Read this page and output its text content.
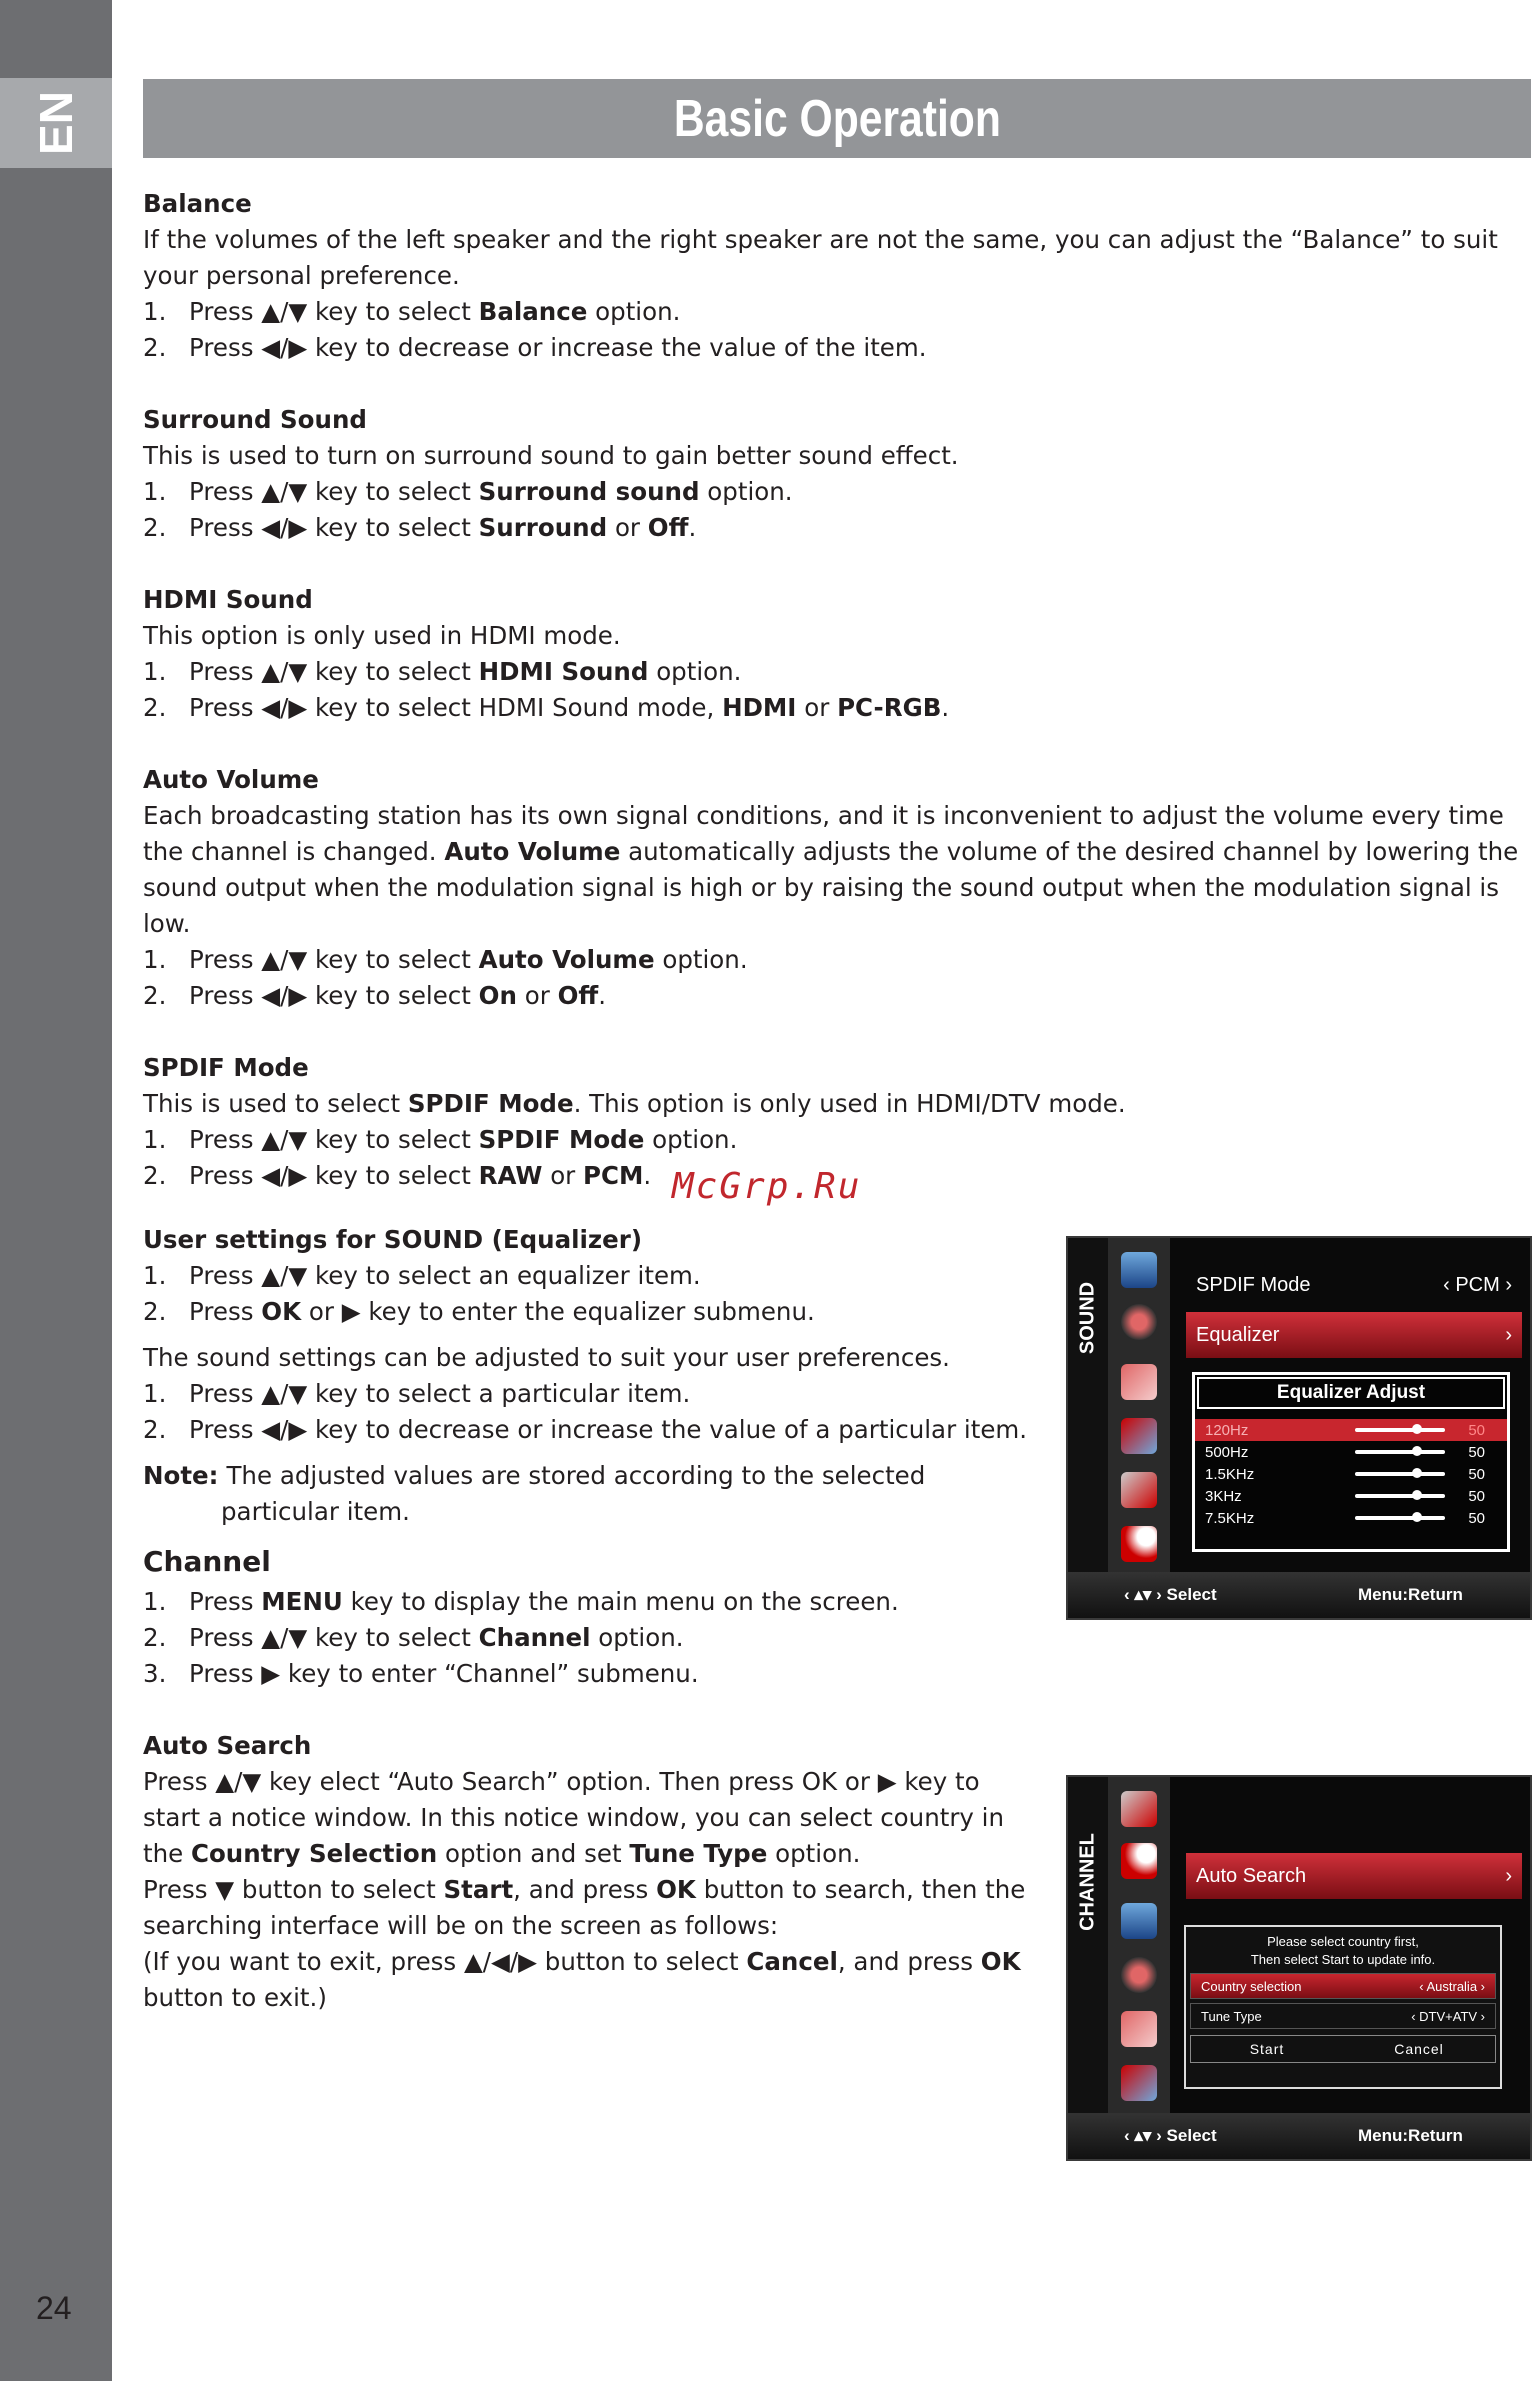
EN
24
Basic Operation
Balance
If the volumes of the left speaker and the right speaker are not the same, you can adjust the “Balance” to suit your personal preference.
1. Press ▲/▼ key to select Balance option.
2. Press ◀/▶ key to decrease or increase the value of the item.
Surround Sound
This is used to turn on surround sound to gain better sound effect.
1. Press ▲/▼ key to select Surround sound option.
2. Press ◀/▶ key to select Surround or Off.
HDMI Sound
This option is only used in HDMI mode.
1. Press ▲/▼ key to select HDMI Sound option.
2. Press ◀/▶ key to select HDMI Sound mode, HDMI or PC-RGB.
Auto Volume
Each broadcasting station has its own signal conditions, and it is inconvenient to adjust the volume every time the channel is changed. Auto Volume automatically adjusts the volume of the desired channel by lowering the sound output when the modulation signal is high or by raising the sound output when the modulation signal is low.
1. Press ▲/▼ key to select Auto Volume option.
2. Press ◀/▶ key to select On or Off.
SPDIF Mode
This is used to select SPDIF Mode. This option is only used in HDMI/DTV mode.
1. Press ▲/▼ key to select SPDIF Mode option.
2. Press ◀/▶ key to select RAW or PCM. McGrp.Ru
User settings for SOUND (Equalizer)
1. Press ▲/▼ key to select an equalizer item.
2. Press OK or ▶ key to enter the equalizer submenu.
The sound settings can be adjusted to suit your user preferences.
1. Press ▲/▼ key to select a particular item.
2. Press ◀/▶ key to decrease or increase the value of a particular item.
Note: The adjusted values are stored according to the selected
particular item.
Channel
1. Press MENU key to display the main menu on the screen.
2. Press ▲/▼ key to select Channel option.
3. Press ▶ key to enter “Channel” submenu.
Auto Search
Press ▲/▼ key elect “Auto Search” option. Then press OK or ▶ key to start a notice window. In this notice window, you can select country in the Country Selection option and set Tune Type option.
Press ▼ button to select Start, and press OK button to search, then the searching interface will be on the screen as follows:
(If you want to exit, press ▲/◀/▶ button to select Cancel, and press OK button to exit.)
SOUND	SPDIF Mode	‹ PCM ›
Equalizer	›
Equalizer Adjust
120Hz	50
500Hz	50
1.5KHz	50
3KHz	50
7.5KHz	50
‹ ▴▾ › Select	Menu:Return
CHANNEL	Auto Search	›
Please select country first,
Then select Start to update info.
Country selection	‹ Australia ›
Tune Type	‹ DTV+ATV ›
Start	Cancel
‹ ▴▾ › Select	Menu:Return
